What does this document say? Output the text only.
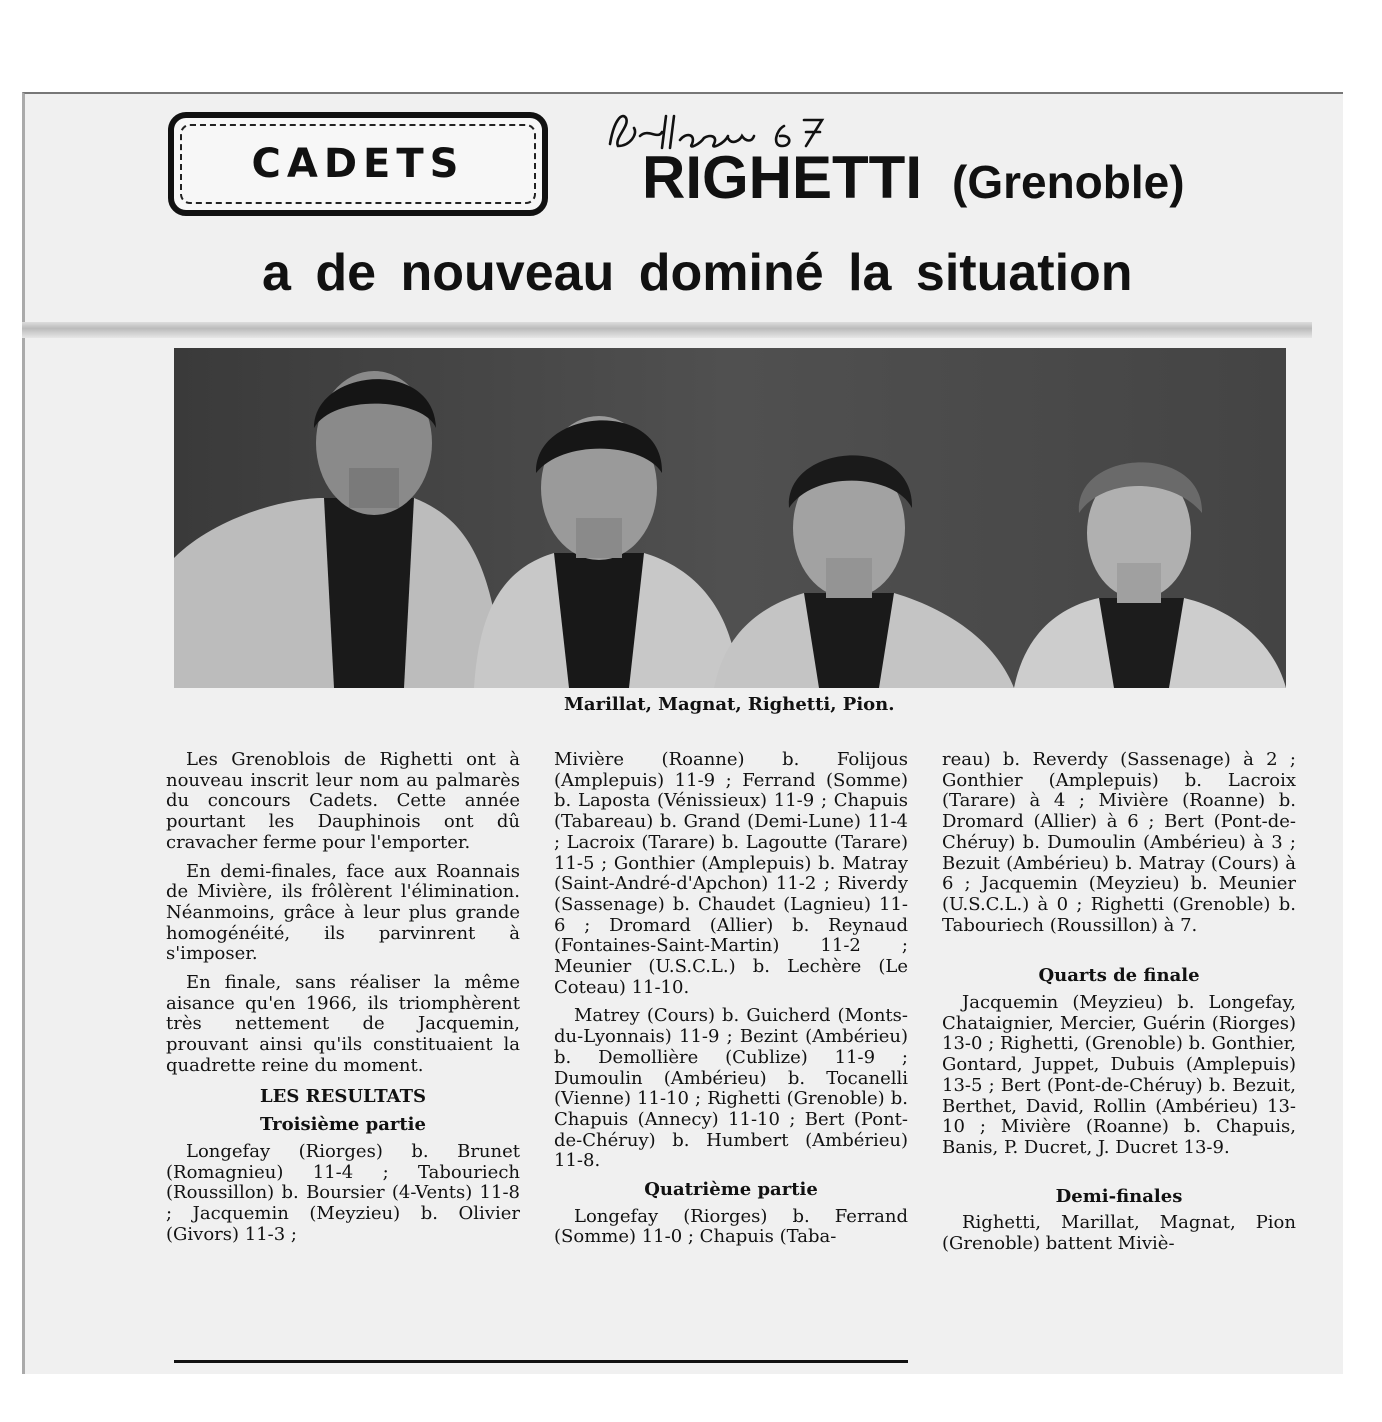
CADETS	RIGHETTI (Grenoble)
a de nouveau dominé la situation
Marillat, Magnat, Righetti, Pion.

Les Grenoblois de Righetti ont à nouveau inscrit leur nom au palmarès du concours Cadets. Cette année pourtant les Dauphinois ont dû cravacher ferme pour l'emporter.

En demi-finales, face aux Roannais de Mivière, ils frôlèrent l'élimination. Néanmoins, grâce à leur plus grande homogénéité, ils parvinrent à s'imposer.

En finale, sans réaliser la même aisance qu'en 1966, ils triomphèrent très nettement de Jacquemin, prouvant ainsi qu'ils constituaient la quadrette reine du moment.

LES RESULTATS
Troisième partie

Longefay (Riorges) b. Brunet (Romagnieu) 11-4 ; Tabouriech (Roussillon) b. Boursier (4-Vents) 11-8 ; Jacquemin (Meyzieu) b. Olivier (Givors) 11-3 ;

Mivière (Roanne) b. Folijous (Amplepuis) 11-9 ; Ferrand (Somme) b. Laposta (Vénissieux) 11-9 ; Chapuis (Tabareau) b. Grand (Demi-Lune) 11-4 ; Lacroix (Tarare) b. Lagoutte (Tarare) 11-5 ; Gonthier (Amplepuis) b. Matray (Saint-André-d'Apchon) 11-2 ; Riverdy (Sassenage) b. Chaudet (Lagnieu) 11-6 ; Dromard (Allier) b. Reynaud (Fontaines-Saint-Martin) 11-2 ; Meunier (U.S.C.L.) b. Lechère (Le Coteau) 11-10.

Matrey (Cours) b. Guicherd (Monts-du-Lyonnais) 11-9 ; Bezint (Ambérieu) b. Demollière (Cublize) 11-9 ; Dumoulin (Ambérieu) b. Tocanelli (Vienne) 11-10 ; Righetti (Grenoble) b. Chapuis (Annecy) 11-10 ; Bert (Pont-de-Chéruy) b. Humbert (Ambérieu) 11-8.

Quatrième partie

Longefay (Riorges) b. Ferrand (Somme) 11-0 ; Chapuis (Taba-

reau) b. Reverdy (Sassenage) à 2 ; Gonthier (Amplepuis) b. Lacroix (Tarare) à 4 ; Mivière (Roanne) b. Dromard (Allier) à 6 ; Bert (Pont-de-Chéruy) b. Dumoulin (Ambérieu) à 3 ; Bezuit (Ambérieu) b. Matray (Cours) à 6 ; Jacquemin (Meyzieu) b. Meunier (U.S.C.L.) à 0 ; Righetti (Grenoble) b. Tabouriech (Roussillon) à 7.

Quarts de finale

Jacquemin (Meyzieu) b. Longefay, Chataignier, Mercier, Guérin (Riorges) 13-0 ; Righetti, (Grenoble) b. Gonthier, Gontard, Juppet, Dubuis (Amplepuis) 13-5 ; Bert (Pont-de-Chéruy) b. Bezuit, Berthet, David, Rollin (Ambérieu) 13-10 ; Mivière (Roanne) b. Chapuis, Banis, P. Ducret, J. Ducret 13-9.

Demi-finales

Righetti, Marillat, Magnat, Pion (Grenoble) battent Miviè-
